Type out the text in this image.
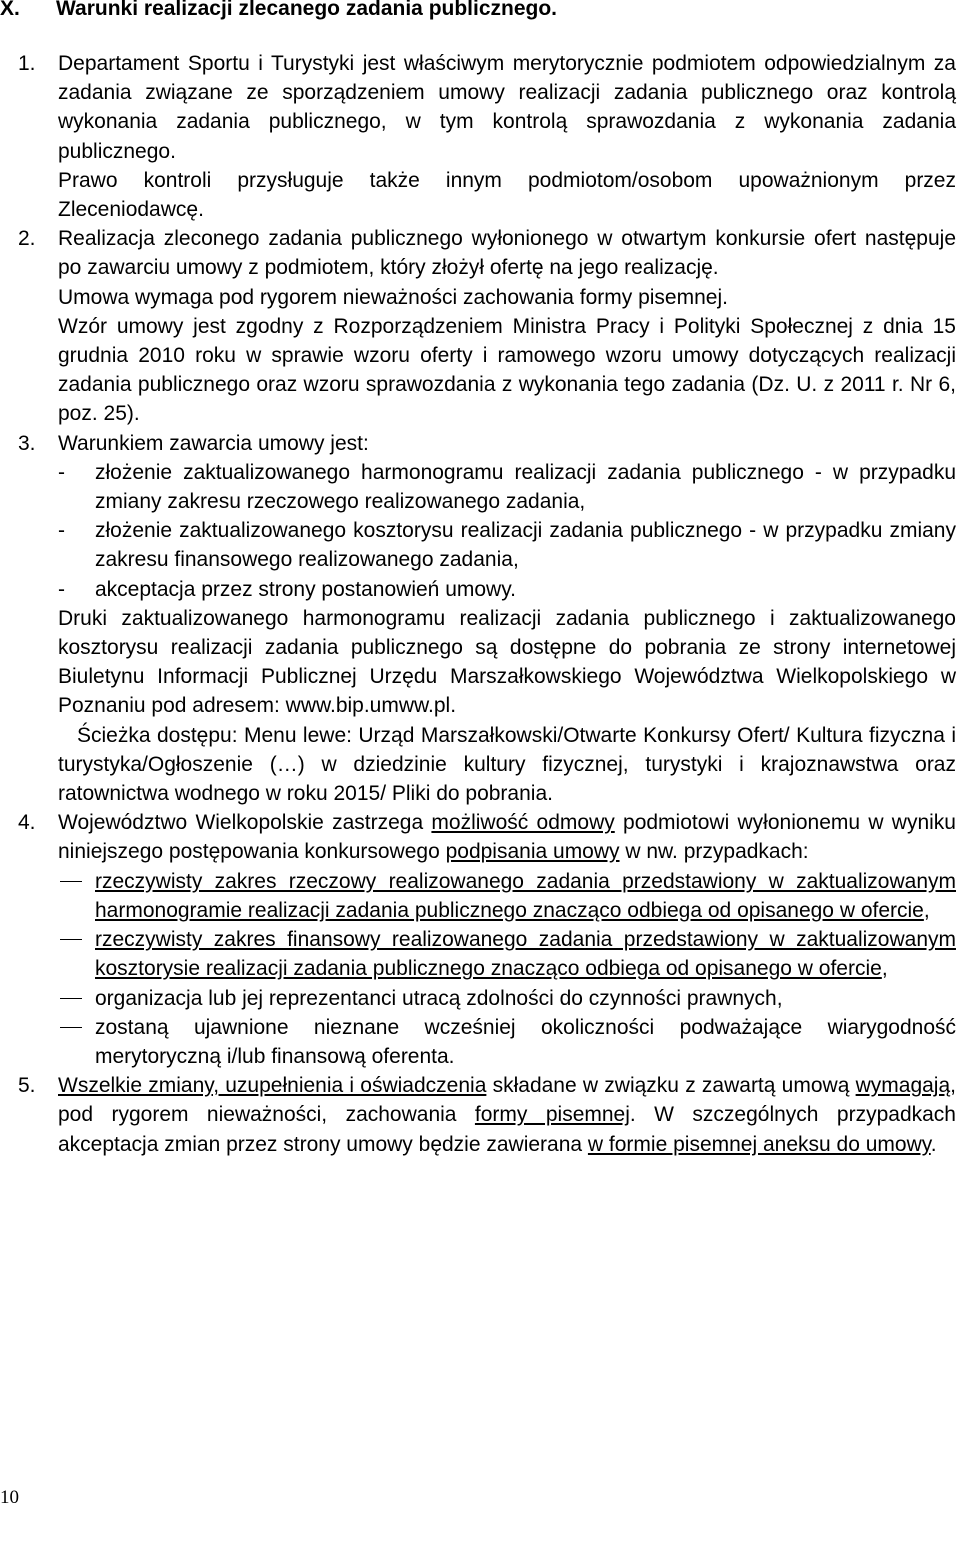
X. Warunki realizacji zlecanego zadania publicznego.
1. Departament Sportu i Turystyki jest właściwym merytorycznie podmiotem odpowiedzialnym za zadania związane ze sporządzeniem umowy realizacji zadania publicznego oraz kontrolą wykonania zadania publicznego, w tym kontrolą sprawozdania z wykonania zadania publicznego.

Prawo kontroli przysługuje także innym podmiotom/osobom upoważnionym przez Zleceniodawcę.

2. Realizacja zleconego zadania publicznego wyłonionego w otwartym konkursie ofert następuje po zawarciu umowy z podmiotem, który złożył ofertę na jego realizację.

Umowa wymaga pod rygorem nieważności zachowania formy pisemnej.

Wzór umowy jest zgodny z Rozporządzeniem Ministra Pracy i Polityki Społecznej z dnia 15 grudnia 2010 roku w sprawie wzoru oferty i ramowego wzoru umowy dotyczących realizacji zadania publicznego oraz wzoru sprawozdania z wykonania tego zadania (Dz. U. z 2011 r. Nr 6, poz. 25).

3. Warunkiem zawarcia umowy jest:

- złożenie zaktualizowanego harmonogramu realizacji zadania publicznego - w przypadku zmiany zakresu rzeczowego realizowanego zadania,

- złożenie zaktualizowanego kosztorysu realizacji zadania publicznego - w przypadku zmiany zakresu finansowego realizowanego zadania,

- akceptacja przez strony postanowień umowy.

Druki zaktualizowanego harmonogramu realizacji zadania publicznego i zaktualizowanego kosztorysu realizacji zadania publicznego są dostępne do pobrania ze strony internetowej Biuletynu Informacji Publicznej Urzędu Marszałkowskiego Województwa Wielkopolskiego w Poznaniu pod adresem: www.bip.umww.pl.

Ścieżka dostępu: Menu lewe: Urząd Marszałkowski/Otwarte Konkursy Ofert/ Kultura fizyczna i turystyka/Ogłoszenie (…) w dziedzinie kultury fizycznej, turystyki i krajoznawstwa oraz ratownictwa wodnego w roku 2015/ Pliki do pobrania.

4. Województwo Wielkopolskie zastrzega możliwość odmowy podmiotowi wyłonionemu w wyniku niniejszego postępowania konkursowego podpisania umowy w nw. przypadkach:

rzeczywisty zakres rzeczowy realizowanego zadania przedstawiony w zaktualizowanym harmonogramie realizacji zadania publicznego znacząco odbiega od opisanego w ofercie,

rzeczywisty zakres finansowy realizowanego zadania przedstawiony w zaktualizowanym kosztorysie realizacji zadania publicznego znacząco odbiega od opisanego w ofercie,

organizacja lub jej reprezentanci utracą zdolności do czynności prawnych,

zostaną ujawnione nieznane wcześniej okoliczności podważające wiarygodność merytoryczną i/lub finansową oferenta.

5. Wszelkie zmiany, uzupełnienia i oświadczenia składane w związku z zawartą umową wymagają, pod rygorem nieważności, zachowania formy pisemnej. W szczególnych przypadkach akceptacja zmian przez strony umowy będzie zawierana w formie pisemnej aneksu do umowy.

10
